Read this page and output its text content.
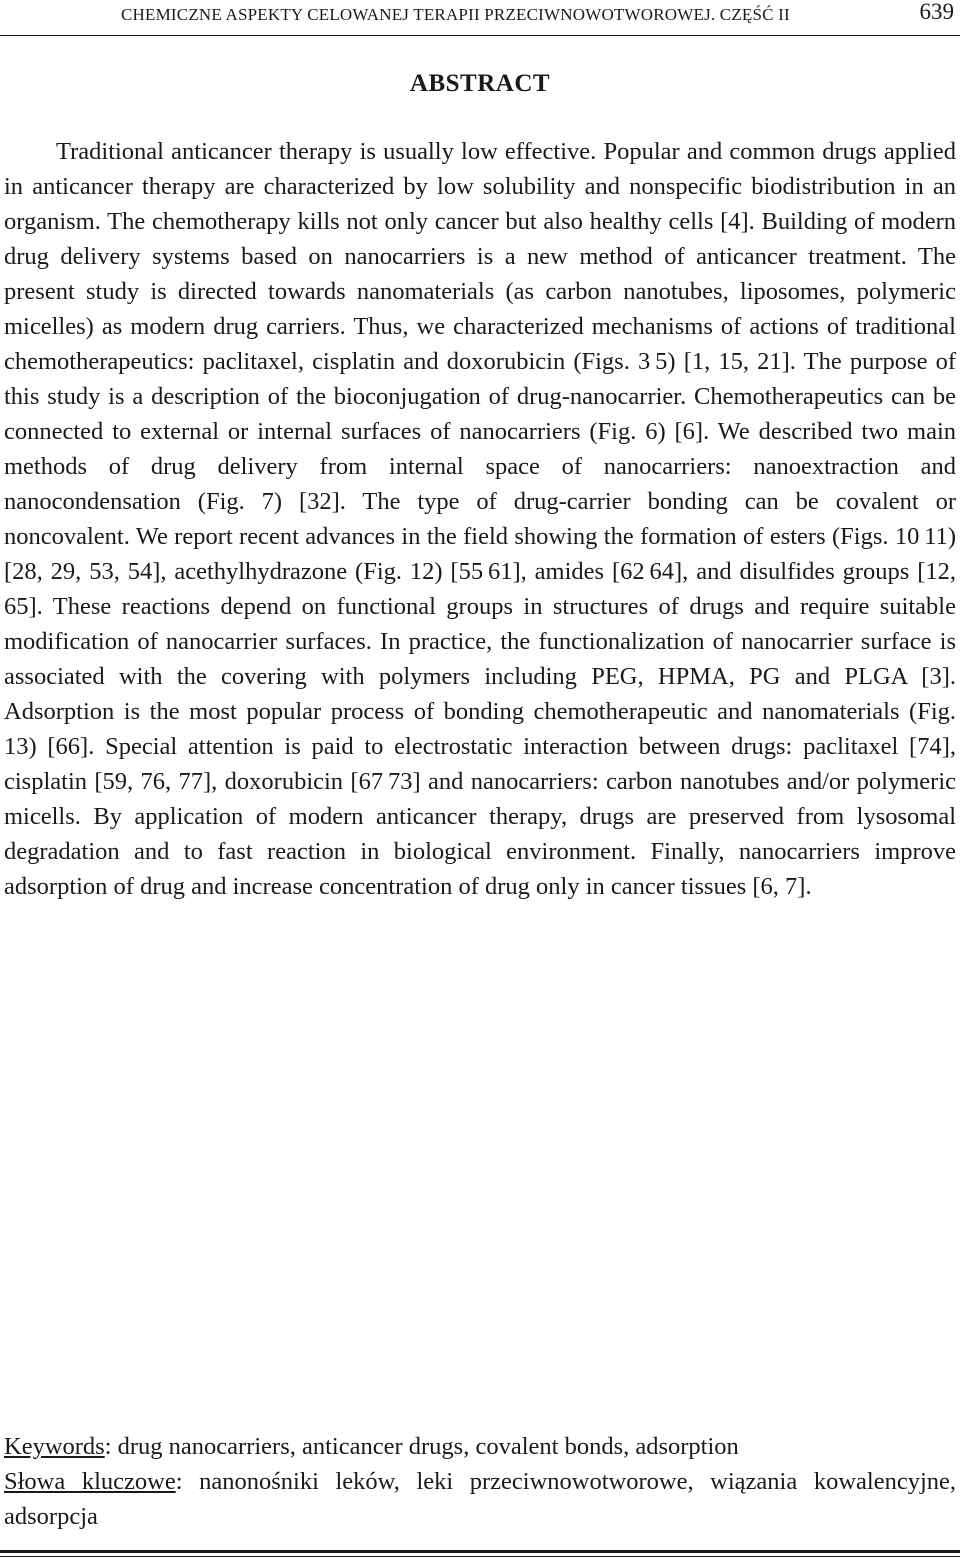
CHEMICZNE ASPEKTY CELOWANEJ TERAPII PRZECIWNOWOTWOROWEJ. CZĘŚĆ II	639
ABSTRACT

Traditional anticancer therapy is usually low effective. Popular and common drugs applied in anticancer therapy are characterized by low solubility and nonspecific biodistribution in an organism. The chemotherapy kills not only cancer but also healthy cells [4]. Building of modern drug delivery systems based on nanocarriers is a new method of anticancer treatment. The present study is directed towards nanomaterials (as carbon nanotubes, liposomes, polymeric micelles) as modern drug carriers. Thus, we characterized mechanisms of actions of traditional chemotherapeutics: paclitaxel, cisplatin and doxorubicin (Figs. 3 5) [1, 15, 21]. The purpose of this study is a description of the bioconjugation of drug-nanocarrier. Chemotherapeutics can be connected to external or internal surfaces of nanocarriers (Fig. 6) [6]. We described two main methods of drug delivery from internal space of nanocarriers: nanoextraction and nanocondensation (Fig. 7) [32]. The type of drug-carrier bonding can be covalent or noncovalent. We report recent advances in the field showing the formation of esters (Figs. 10 11) [28, 29, 53, 54], acethylhydrazone (Fig. 12) [55 61], amides [62 64], and disulfides groups [12, 65]. These reactions depend on functional groups in structures of drugs and require suitable modification of nanocarrier surfaces. In practice, the functionalization of nanocarrier surface is associated with the covering with polymers including PEG, HPMA, PG and PLGA [3]. Adsorption is the most popular process of bonding chemotherapeutic and nanomaterials (Fig. 13) [66]. Special attention is paid to electrostatic interaction between drugs: paclitaxel [74], cisplatin [59, 76, 77], doxorubicin [67 73] and nanocarriers: carbon nanotubes and/or polymeric micells. By application of modern anticancer therapy, drugs are preserved from lysosomal degradation and to fast reaction in biological environment. Finally, nanocarriers improve adsorption of drug and increase concentration of drug only in cancer tissues [6, 7].

Keywords: drug nanocarriers, anticancer drugs, covalent bonds, adsorption

Słowa kluczowe: nanonośniki leków, leki przeciwnowotworowe, wiązania kowalencyjne, adsorpcja
